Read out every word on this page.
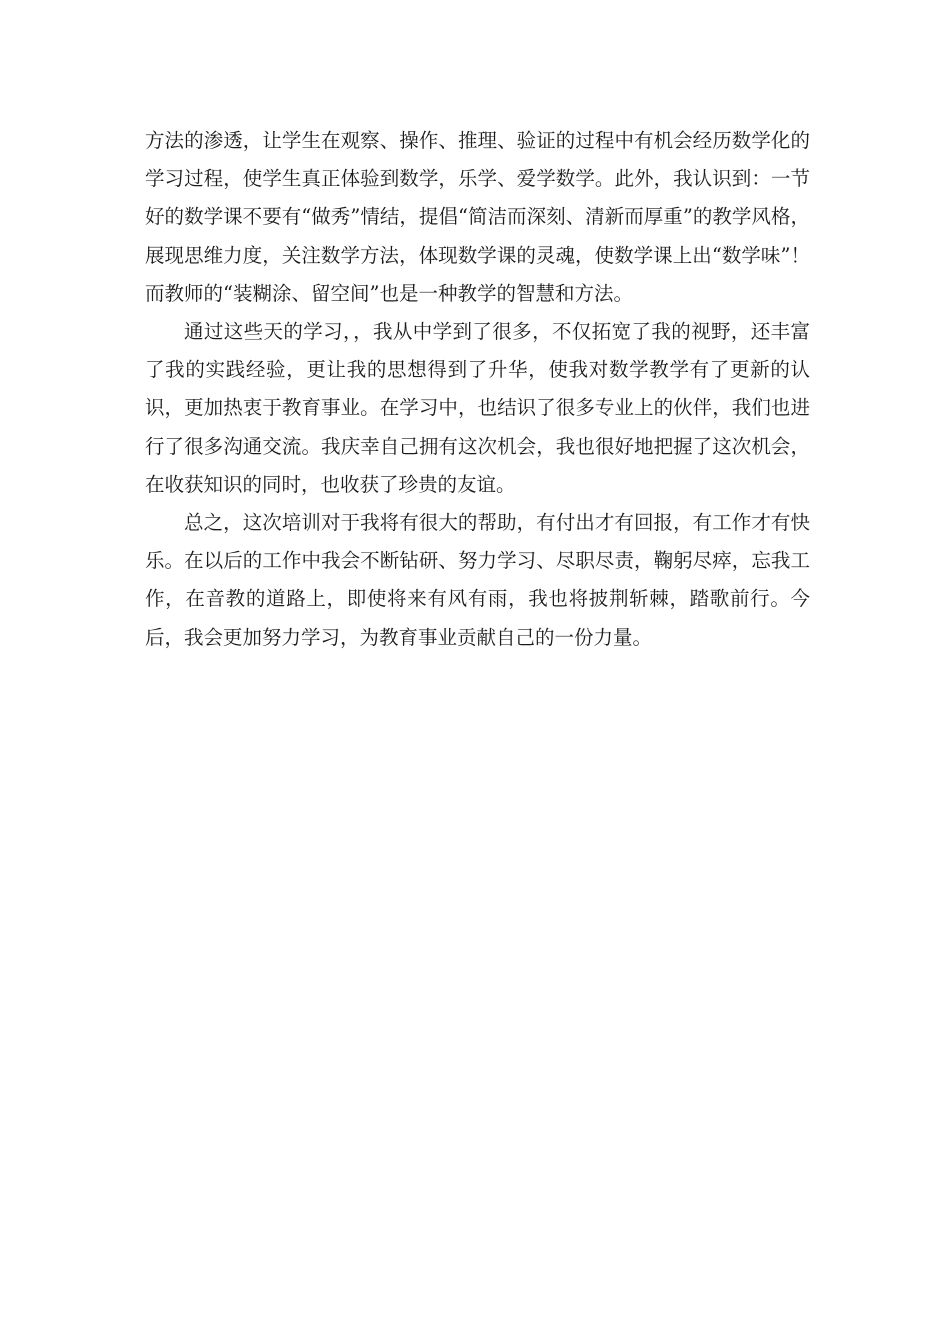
方法的渗透，让学生在观察、操作、推理、验证的过程中有机会经历数学化的学习过程，使学生真正体验到数学，乐学、爱学数学。此外，我认识到：一节好的数学课不要有“做秀”情结，提倡“简洁而深刻、清新而厚重”的教学风格，展现思维力度，关注数学方法，体现数学课的灵魂，使数学课上出“数学味”！而教师的“装糊涂、留空间”也是一种教学的智慧和方法。

通过这些天的学习，，我从中学到了很多，不仅拓宽了我的视野，还丰富了我的实践经验，更让我的思想得到了升华，使我对数学教学有了更新的认识，更加热衷于教育事业。在学习中，也结识了很多专业上的伙伴，我们也进行了很多沟通交流。我庆幸自己拥有这次机会，我也很好地把握了这次机会，在收获知识的同时，也收获了珍贵的友谊。

总之，这次培训对于我将有很大的帮助，有付出才有回报，有工作才有快乐。在以后的工作中我会不断钻研、努力学习、尽职尽责，鞠躬尽瘁，忘我工作，在音教的道路上，即使将来有风有雨，我也将披荆斩棘，踏歌前行。今后，我会更加努力学习，为教育事业贡献自己的一份力量。
